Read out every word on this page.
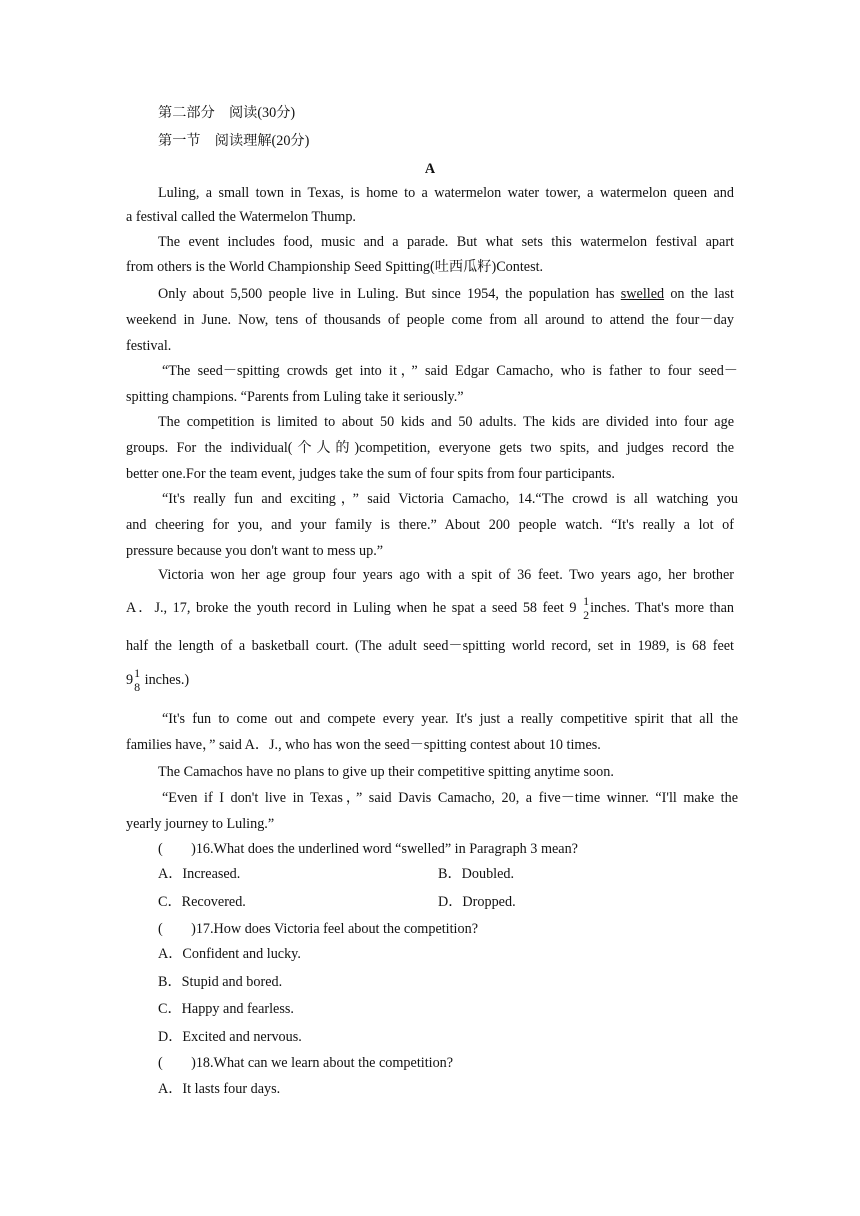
第二部分　阅读(30分)
第一节　阅读理解(20分)
A
Luling, a small town in Texas, is home to a watermelon water tower, a watermelon queen and
a festival called the Watermelon Thump.
The event includes food, music and a parade. But what sets this watermelon festival apart
from others is the World Championship Seed Spitting(吐西瓜籽)Contest.
Only about 5,500 people live in Luling. But since 1954, the population has swelled on the last
weekend in June. Now, tens of thousands of people come from all around to attend the four－day
festival.
“The seed－spitting crowds get into it，” said Edgar Camacho, who is father to four seed－
spitting champions. “Parents from Luling take it seriously.”
The competition is limited to about 50 kids and 50 adults. The kids are divided into four age
groups. For the individual(个人的)competition, everyone gets two spits, and judges record the
better one.For the team event, judges take the sum of four spits from four participants.
“It's really fun and exciting，” said Victoria Camacho, 14.“The crowd is all watching you
and cheering for you, and your family is there.” About 200 people watch. “It's really a lot of
pressure because you don't want to mess up.”
Victoria won her age group four years ago with a spit of 36 feet. Two years ago, her brother
A．J., 17, broke the youth record in Luling when he spat a seed 58 feet 9 1
2 inches. That's more than
half the length of a basketball court. (The adult seed－spitting world record, set in 1989, is 68 feet
9 1
8 inches.)
“It's fun to come out and compete every year. It's just a really competitive spirit that all the
families have，” said A．J., who has won the seed－spitting contest about 10 times.
The Camachos have no plans to give up their competitive spitting anytime soon.
“Even if I don't live in Texas，” said Davis Camacho, 20, a five－time winner. “I'll make the
yearly journey to Luling.”
(　　)16.What does the underlined word “swelled” in Paragraph 3 mean?
A．Increased.	B．Doubled.
C．Recovered.	D．Dropped.
(　　)17.How does Victoria feel about the competition?
A．Confident and lucky.
B．Stupid and bored.
C．Happy and fearless.
D．Excited and nervous.
(　　)18.What can we learn about the competition?
A．It lasts four days.
